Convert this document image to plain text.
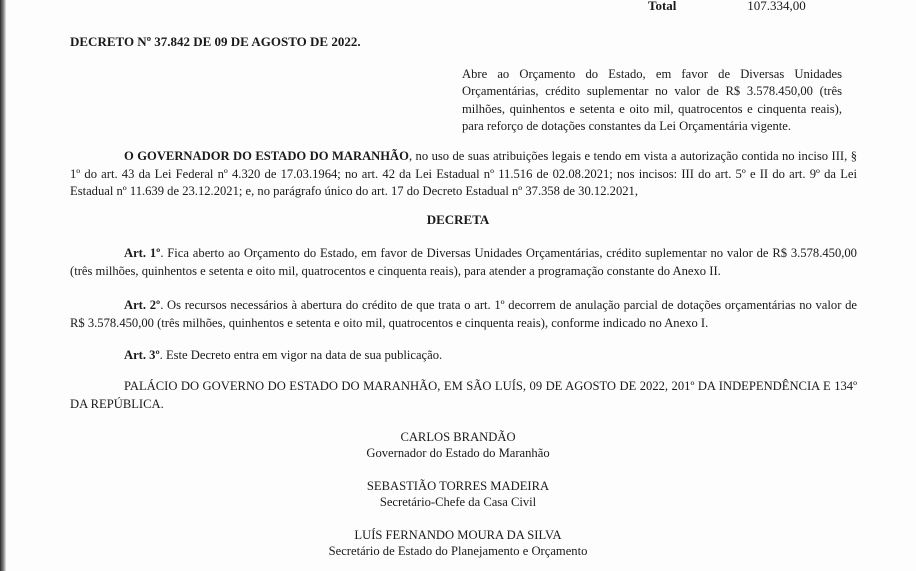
Total	107.334,00
DECRETO Nº 37.842 DE 09 DE AGOSTO DE 2022.
Abre ao Orçamento do Estado, em favor de Diversas Unidades Orçamentárias, crédito suplementar no valor de R$ 3.578.450,00 (três milhões, quinhentos e setenta e oito mil, quatrocentos e cinquenta reais), para reforço de dotações constantes da Lei Orçamentária vigente.
O GOVERNADOR DO ESTADO DO MARANHÃO, no uso de suas atribuições legais e tendo em vista a autorização contida no inciso III, § 1º do art. 43 da Lei Federal nº 4.320 de 17.03.1964; no art. 42 da Lei Estadual nº 11.516 de 02.08.2021; nos incisos: III do art. 5º e II do art. 9º da Lei Estadual nº 11.639 de 23.12.2021; e, no parágrafo único do art. 17 do Decreto Estadual nº 37.358 de 30.12.2021,
DECRETA
Art. 1º. Fica aberto ao Orçamento do Estado, em favor de Diversas Unidades Orçamentárias, crédito suplementar no valor de R$ 3.578.450,00 (três milhões, quinhentos e setenta e oito mil, quatrocentos e cinquenta reais), para atender a programação constante do Anexo II.
Art. 2º. Os recursos necessários à abertura do crédito de que trata o art. 1º decorrem de anulação parcial de dotações orçamentárias no valor de R$ 3.578.450,00 (três milhões, quinhentos e setenta e oito mil, quatrocentos e cinquenta reais), conforme indicado no Anexo I.
Art. 3º. Este Decreto entra em vigor na data de sua publicação.
PALÁCIO DO GOVERNO DO ESTADO DO MARANHÃO, EM SÃO LUÍS, 09 DE AGOSTO DE 2022, 201º DA INDEPENDÊNCIA E 134º DA REPÚBLICA.
CARLOS BRANDÃO
Governador do Estado do Maranhão
SEBASTIÃO TORRES MADEIRA
Secretário-Chefe da Casa Civil
LUÍS FERNANDO MOURA DA SILVA
Secretário de Estado do Planejamento e Orçamento
